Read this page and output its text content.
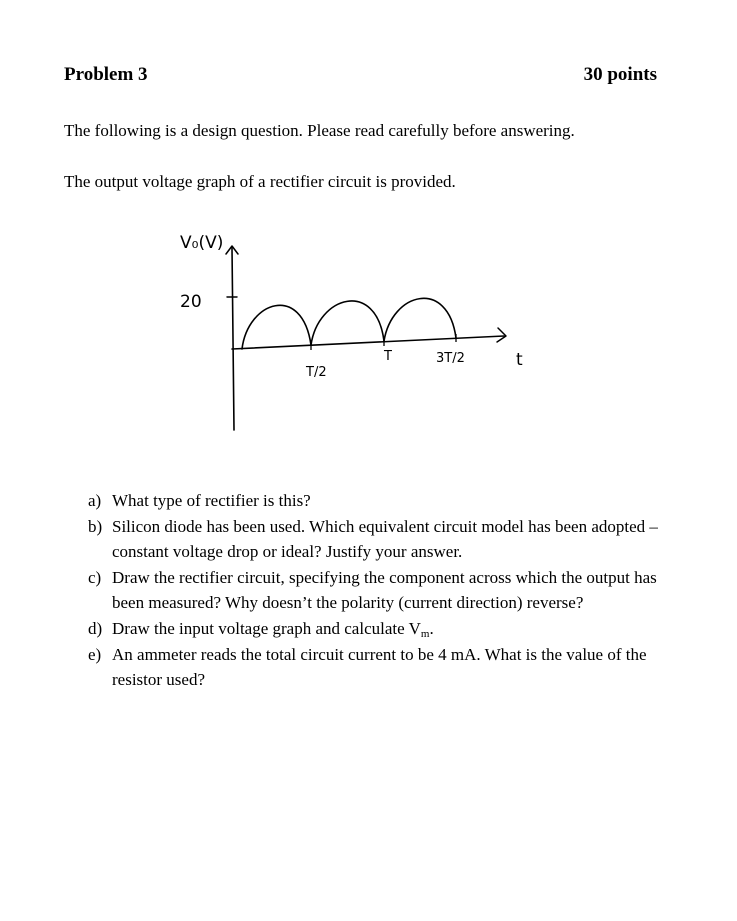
Problem 3	30 points
The following is a design question. Please read carefully before answering.
The output voltage graph of a rectifier circuit is provided.
V₀(V)
20
T/2
T	3T/2	t
a) What type of rectifier is this?
b) Silicon diode has been used. Which equivalent circuit model has been adopted – constant voltage drop or ideal? Justify your answer.
c) Draw the rectifier circuit, specifying the component across which the output has been measured? Why doesn’t the polarity (current direction) reverse?
d) Draw the input voltage graph and calculate $V_m$.
e) An ammeter reads the total circuit current to be 4 mA. What is the value of the resistor used?
